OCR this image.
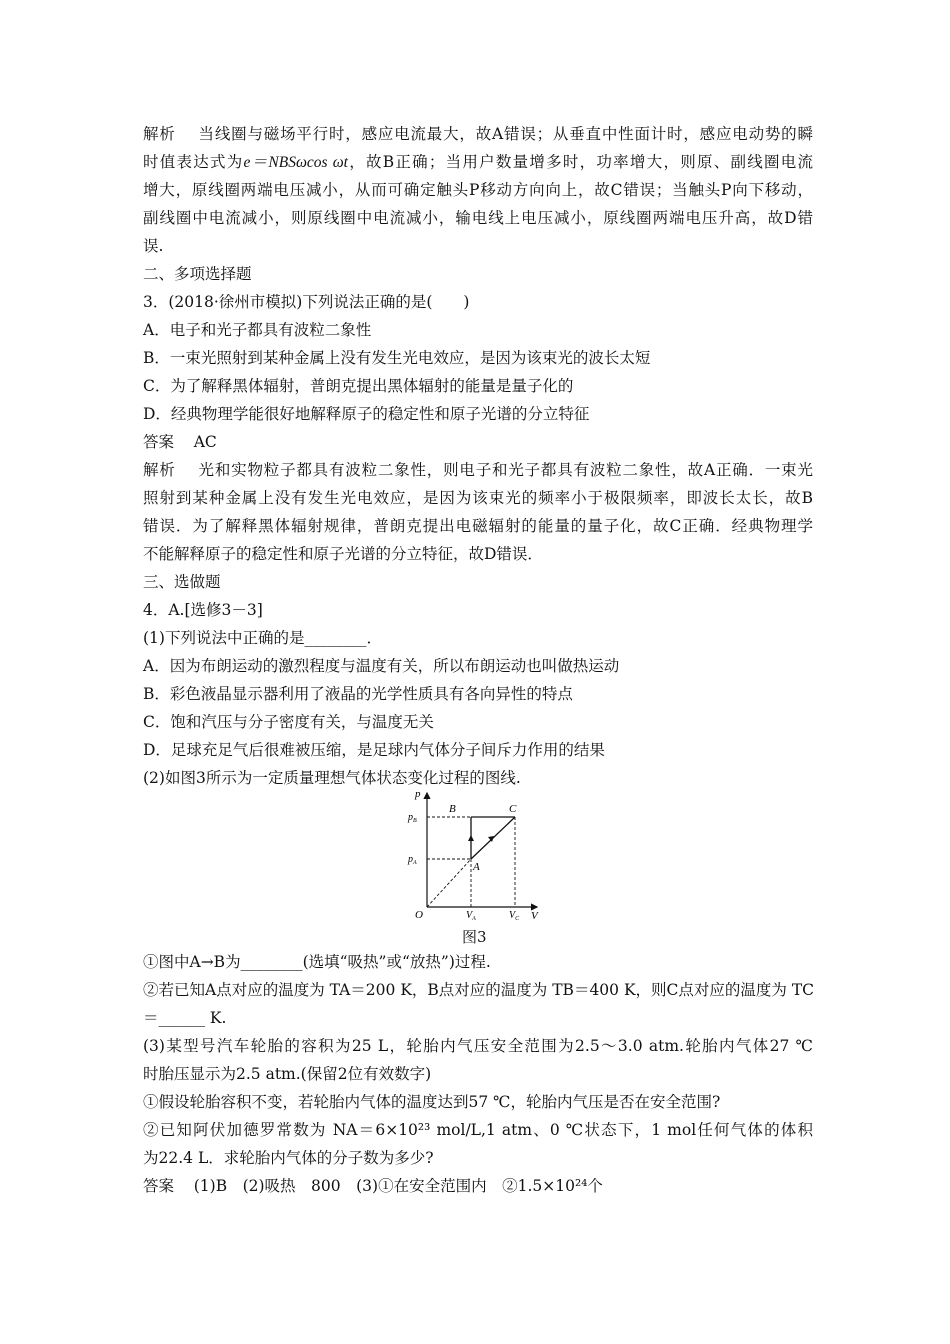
解析 当线圈与磁场平行时，感应电流最大，故A错误；从垂直中性面计时，感应电动势的瞬
时值表达式为e＝NBSωcos ωt，故B正确；当用户数量增多时，功率增大，则原、副线圈电流
增大，原线圈两端电压减小，从而可确定触头P移动方向向上，故C错误；当触头P向下移动，
副线圈中电流减小，则原线圈中电流减小，输电线上电压减小，原线圈两端电压升高，故D错
误.
二、多项选择题
3．(2018·徐州市模拟)下列说法正确的是(　　)
A．电子和光子都具有波粒二象性
B．一束光照射到某种金属上没有发生光电效应，是因为该束光的波长太短
C．为了解释黑体辐射，普朗克提出黑体辐射的能量是量子化的
D．经典物理学能很好地解释原子的稳定性和原子光谱的分立特征
答案 AC
解析 光和实物粒子都具有波粒二象性，则电子和光子都具有波粒二象性，故A正确．一束光
照射到某种金属上没有发生光电效应，是因为该束光的频率小于极限频率，即波长太长，故B
错误．为了解释黑体辐射规律，普朗克提出电磁辐射的能量的量子化，故C正确．经典物理学
不能解释原子的稳定性和原子光谱的分立特征，故D错误．
三、选做题
4．A.[选修3－3]
(1)下列说法中正确的是________．
A．因为布朗运动的激烈程度与温度有关，所以布朗运动也叫做热运动
B．彩色液晶显示器利用了液晶的光学性质具有各向异性的特点
C．饱和汽压与分子密度有关，与温度无关
D．足球充足气后很难被压缩，是足球内气体分子间斥力作用的结果
(2)如图3所示为一定质量理想气体状态变化过程的图线.
p
V
O
A
B	C
$p_B$
$p_A$
$V_A$	$V_C$
图3
①图中A→B为________(选填“吸热”或“放热”)过程.
②若已知A点对应的温度为 TA＝200 K，B点对应的温度为 TB＝400 K，则C点对应的温度为 TC
＝______ K.
(3)某型号汽车轮胎的容积为25 L，轮胎内气压安全范围为2.5～3.0 atm.轮胎内气体27 ℃
时胎压显示为2.5 atm.(保留2位有效数字)
①假设轮胎容积不变，若轮胎内气体的温度达到57 ℃，轮胎内气压是否在安全范围?
②已知阿伏加德罗常数为 NA＝6×10²³ mol/L,1 atm、0 ℃状态下，1 mol任何气体的体积
为22.4 L．求轮胎内气体的分子数为多少?
答案 (1)B　(2)吸热　800　(3)①在安全范围内　②1.5×10²⁴个
